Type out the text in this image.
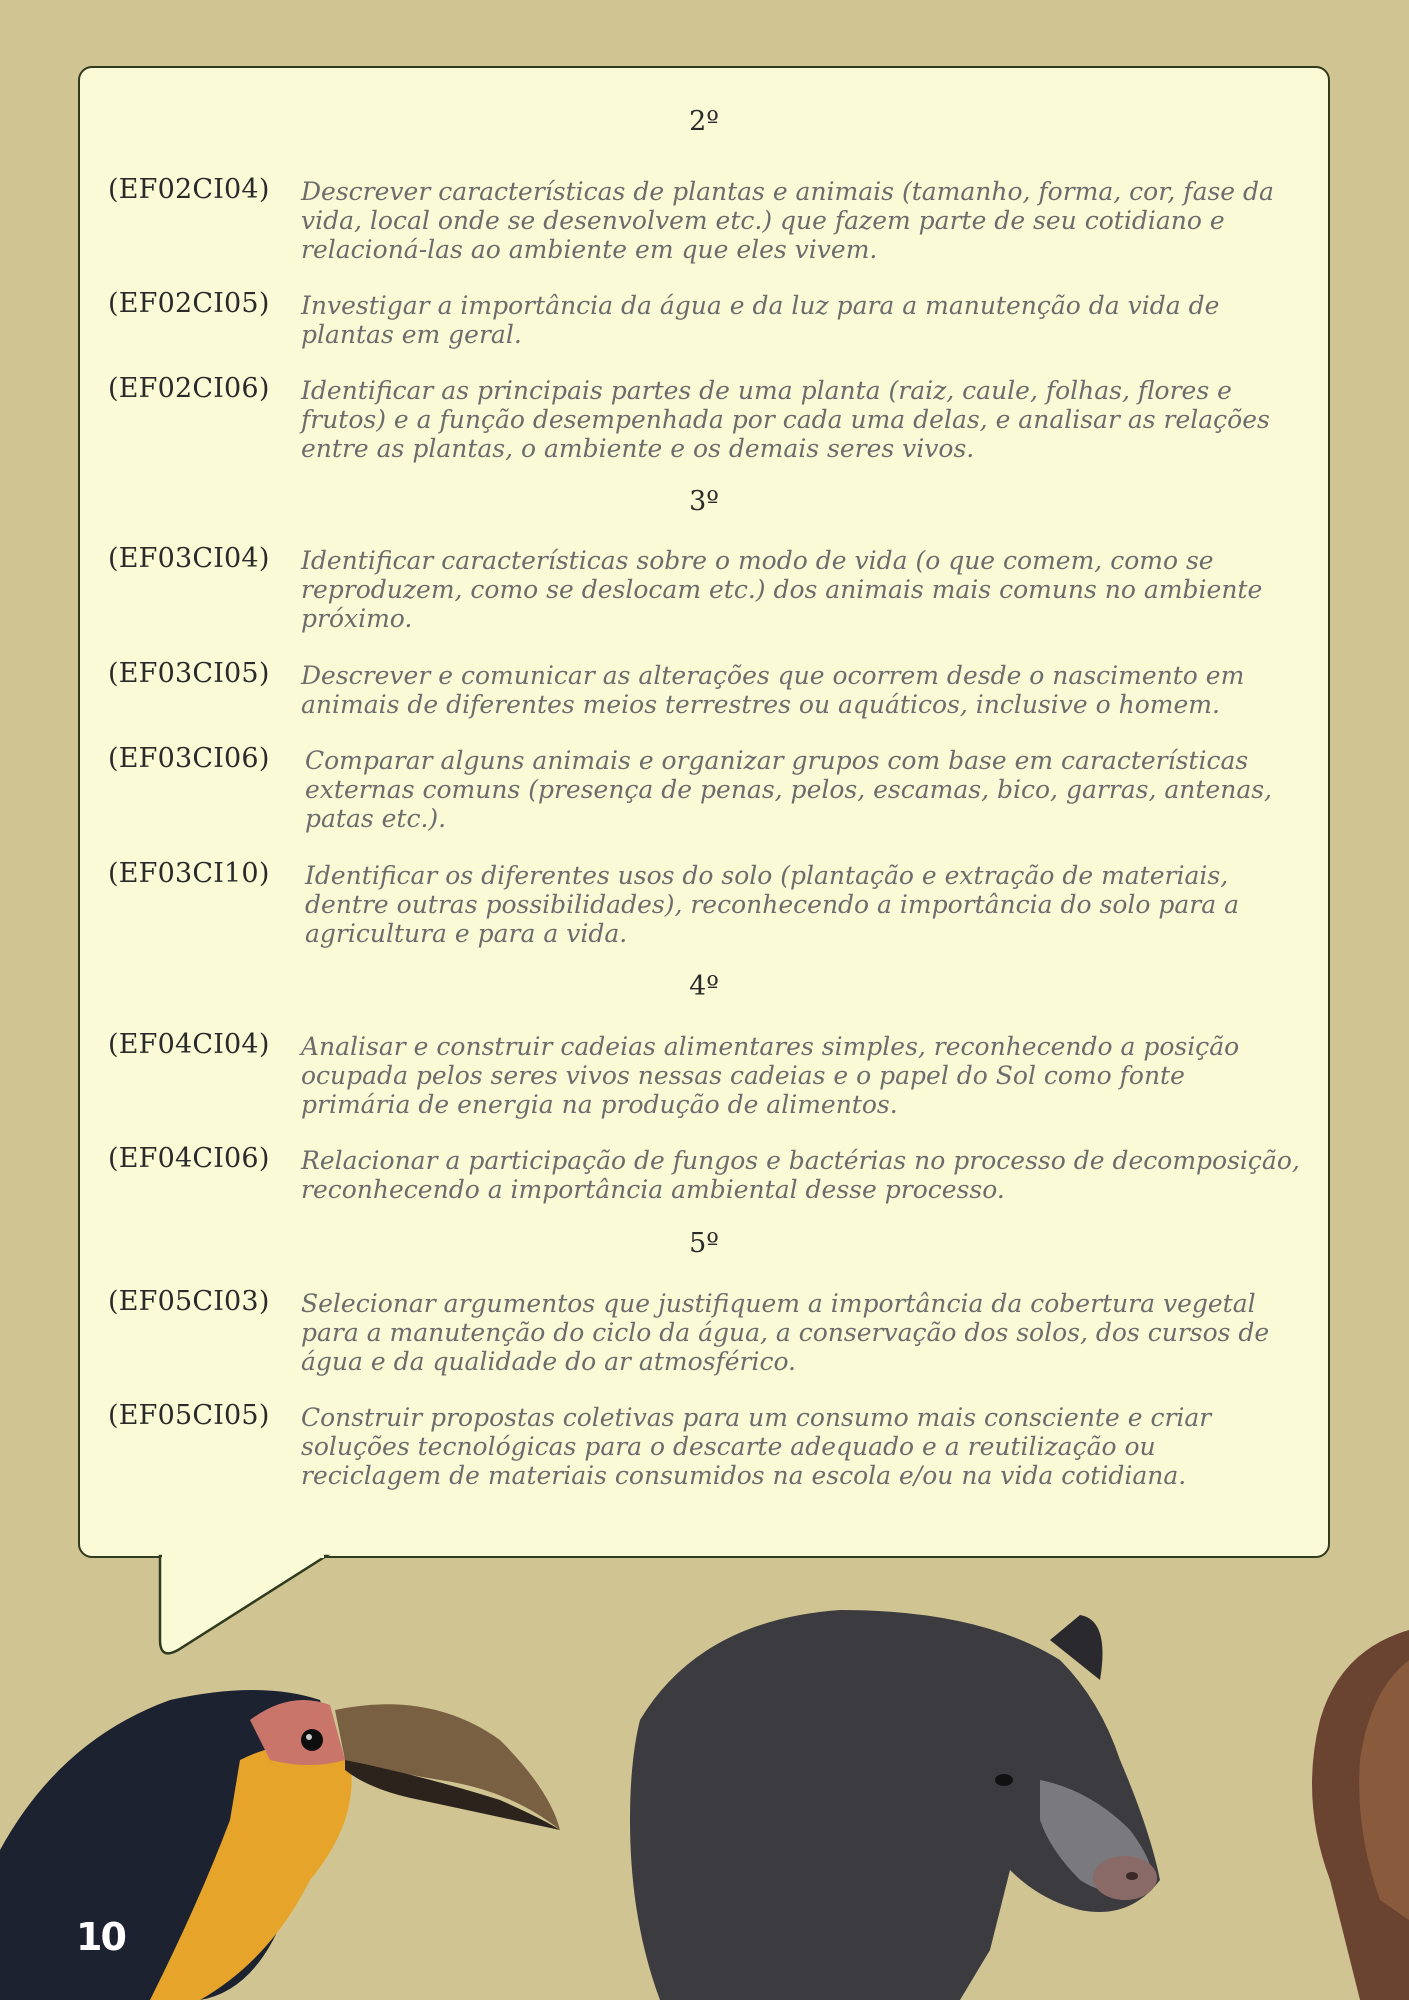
2º
(EF02CI04)	Descrever características de plantas e animais (tamanho, forma, cor, fase da vida, local onde se desenvolvem etc.) que fazem parte de seu cotidiano e relacioná-las ao ambiente em que eles vivem.
(EF02CI05)	Investigar a importância da água e da luz para a manutenção da vida de plantas em geral.
(EF02CI06)	Identificar as principais partes de uma planta (raiz, caule, folhas, flores e frutos) e a função desempenhada por cada uma delas, e analisar as relações entre as plantas, o ambiente e os demais seres vivos.
3º
(EF03CI04)	Identificar características sobre o modo de vida (o que comem, como se reproduzem, como se deslocam etc.) dos animais mais comuns no ambiente próximo.
(EF03CI05)	Descrever e comunicar as alterações que ocorrem desde o nascimento em animais de diferentes meios terrestres ou aquáticos, inclusive o homem.
(EF03CI06)	Comparar alguns animais e organizar grupos com base em características externas comuns (presença de penas, pelos, escamas, bico, garras, antenas, patas etc.).
(EF03CI10)	Identificar os diferentes usos do solo (plantação e extração de materiais, dentre outras possibilidades), reconhecendo a importância do solo para a agricultura e para a vida.
4º
(EF04CI04)	Analisar e construir cadeias alimentares simples, reconhecendo a posição ocupada pelos seres vivos nessas cadeias e o papel do Sol como fonte primária de energia na produção de alimentos.
(EF04CI06)	Relacionar a participação de fungos e bactérias no processo de decomposição, reconhecendo a importância ambiental desse processo.
5º
(EF05CI03)	Selecionar argumentos que justifiquem a importância da cobertura vegetal para a manutenção do ciclo da água, a conservação dos solos, dos cursos de água e da qualidade do ar atmosférico.
(EF05CI05)	Construir propostas coletivas para um consumo mais consciente e criar soluções tecnológicas para o descarte adequado e a reutilização ou reciclagem de materiais consumidos na escola e/ou na vida cotidiana.
10
